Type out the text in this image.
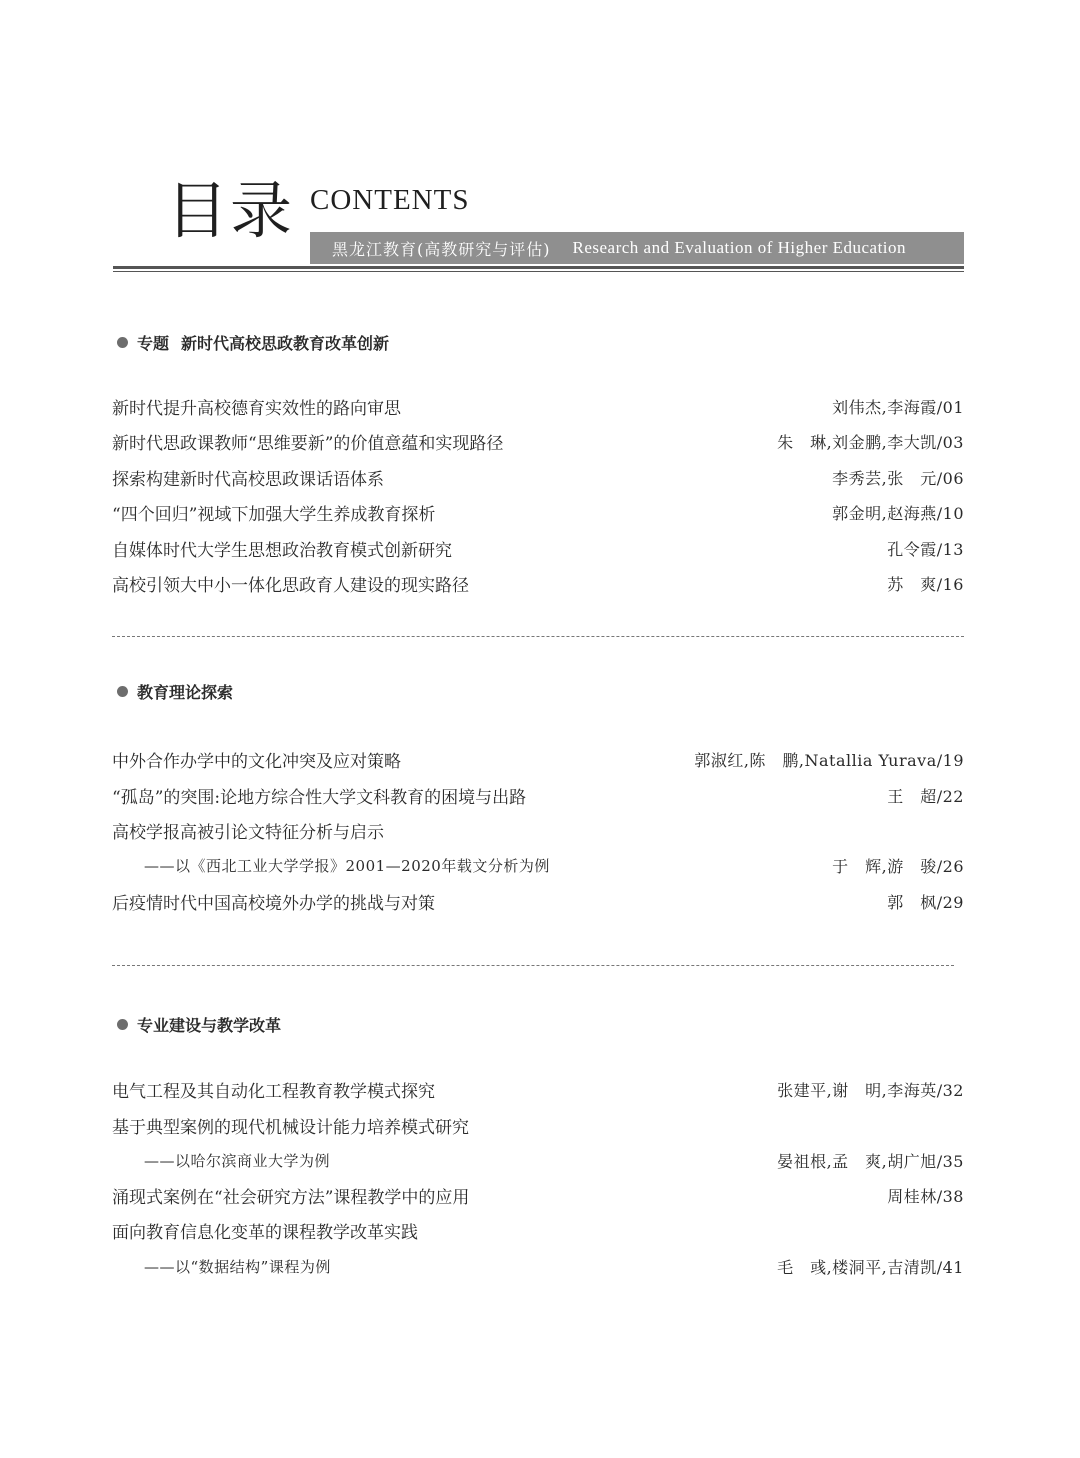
目录 CONTENTS
黑龙江教育(高教研究与评估) Research and Evaluation of Higher Education
专题 新时代高校思政教育改革创新
新时代提升高校德育实效性的路向审思	刘伟杰,李海霞/01
新时代思政课教师“思维要新”的价值意蕴和实现路径	朱　琳,刘金鹏,李大凯/03
探索构建新时代高校思政课话语体系	李秀芸,张　元/06
“四个回归”视域下加强大学生养成教育探析	郭金明,赵海燕/10
自媒体时代大学生思想政治教育模式创新研究	孔令霞/13
高校引领大中小一体化思政育人建设的现实路径	苏　爽/16
教育理论探索
中外合作办学中的文化冲突及应对策略	郭淑红,陈　鹏,Natallia Yurava/19
“孤岛”的突围:论地方综合性大学文科教育的困境与出路	王　超/22
高校学报高被引论文特征分析与启示
——以《西北工业大学学报》2001—2020年载文分析为例	于　辉,游　骏/26
后疫情时代中国高校境外办学的挑战与对策	郭　枫/29
专业建设与教学改革
电气工程及其自动化工程教育教学模式探究	张建平,谢　明,李海英/32
基于典型案例的现代机械设计能力培养模式研究
——以哈尔滨商业大学为例	晏祖根,孟　爽,胡广旭/35
涌现式案例在“社会研究方法”课程教学中的应用	周桂林/38
面向教育信息化变革的课程教学改革实践
——以“数据结构”课程为例	毛　彧,楼洞平,吉清凯/41
